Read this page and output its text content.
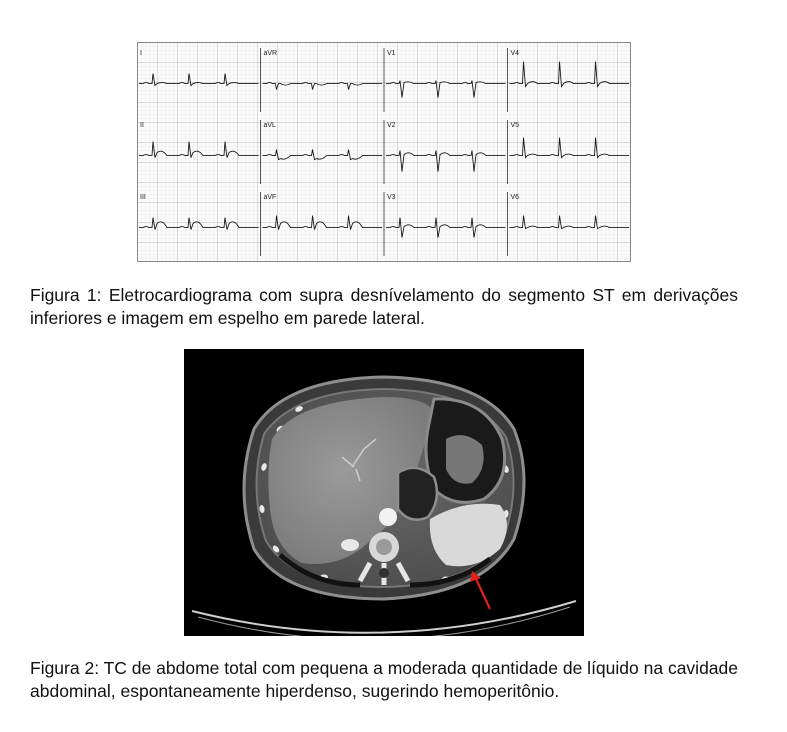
I	aVR	V1	V4
II	aVL	V2	V5
III	aVF	V3	V6

Figura 1: Eletrocardiograma com supra desnívelamento do segmento ST em derivações inferiores e imagem em espelho em parede lateral.

Figura 2: TC de abdome total com pequena a moderada quantidade de líquido na cavidade abdominal, espontaneamente hiperdenso, sugerindo hemoperitônio.
